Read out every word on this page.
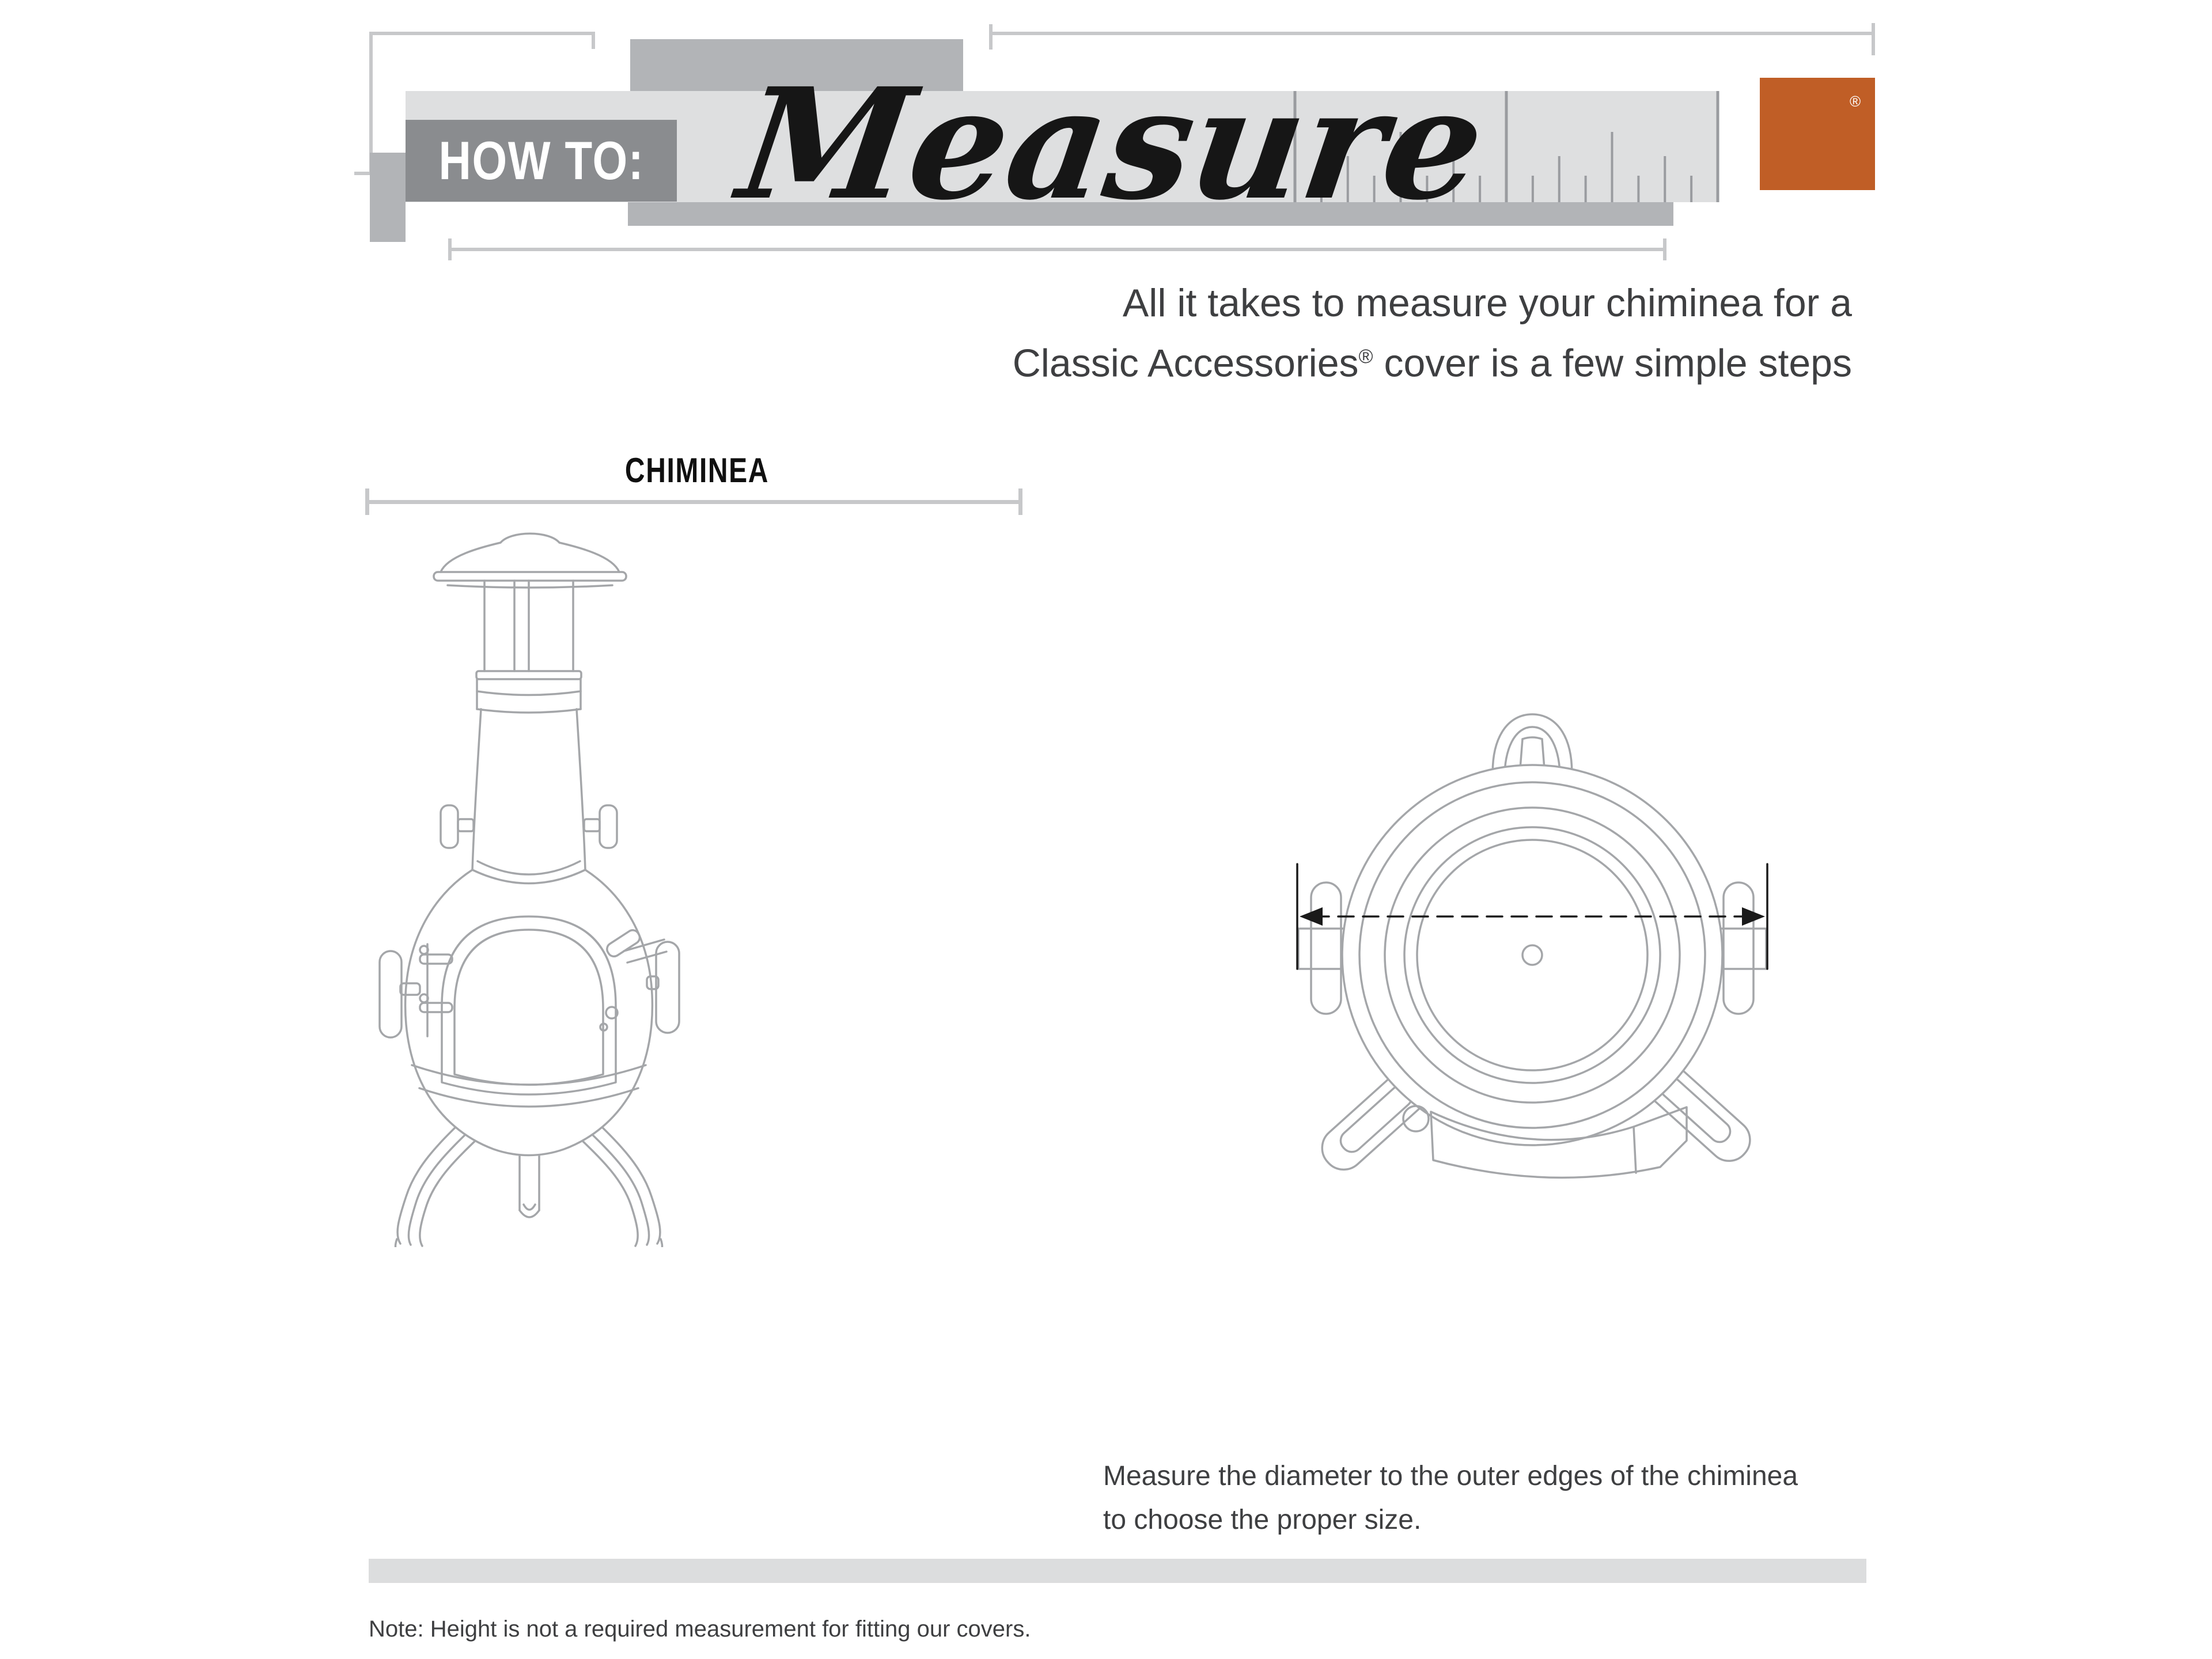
HOW TO: Measure	®
All it takes to measure your chiminea for a
Classic Accessories® cover is a few simple steps
CHIMINEA
Measure the diameter to the outer edges of the chiminea
to choose the proper size.
Note: Height is not a required measurement for fitting our covers.
